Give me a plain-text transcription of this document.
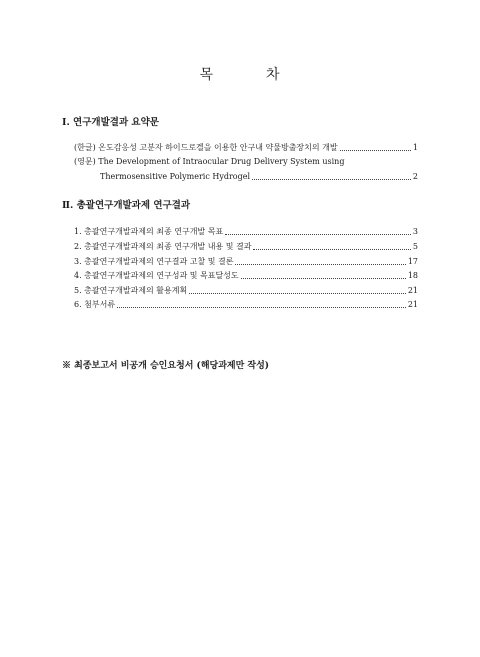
목	차
Ⅰ. 연구개발결과 요약문
(한글) 온도감응성 고분자 하이드로겔을 이용한 안구내 약물방출장치의 개발	1
(영문) The Development of Intraocular Drug Delivery System using
Thermosensitive Polymeric Hydrogel	2
Ⅱ. 총괄연구개발과제 연구결과
1. 총괄연구개발과제의 최종 연구개발 목표	3
2. 총괄연구개발과제의 최종 연구개발 내용 및 결과	5
3. 총괄연구개발과제의 연구결과 고찰 및 결론	17
4. 총괄연구개발과제의 연구성과 및 목표달성도	18
5. 총괄연구개발과제의 활용계획	21
6. 첨부서류	21
※ 최종보고서 비공개 승인요청서 (해당과제만 작성)
